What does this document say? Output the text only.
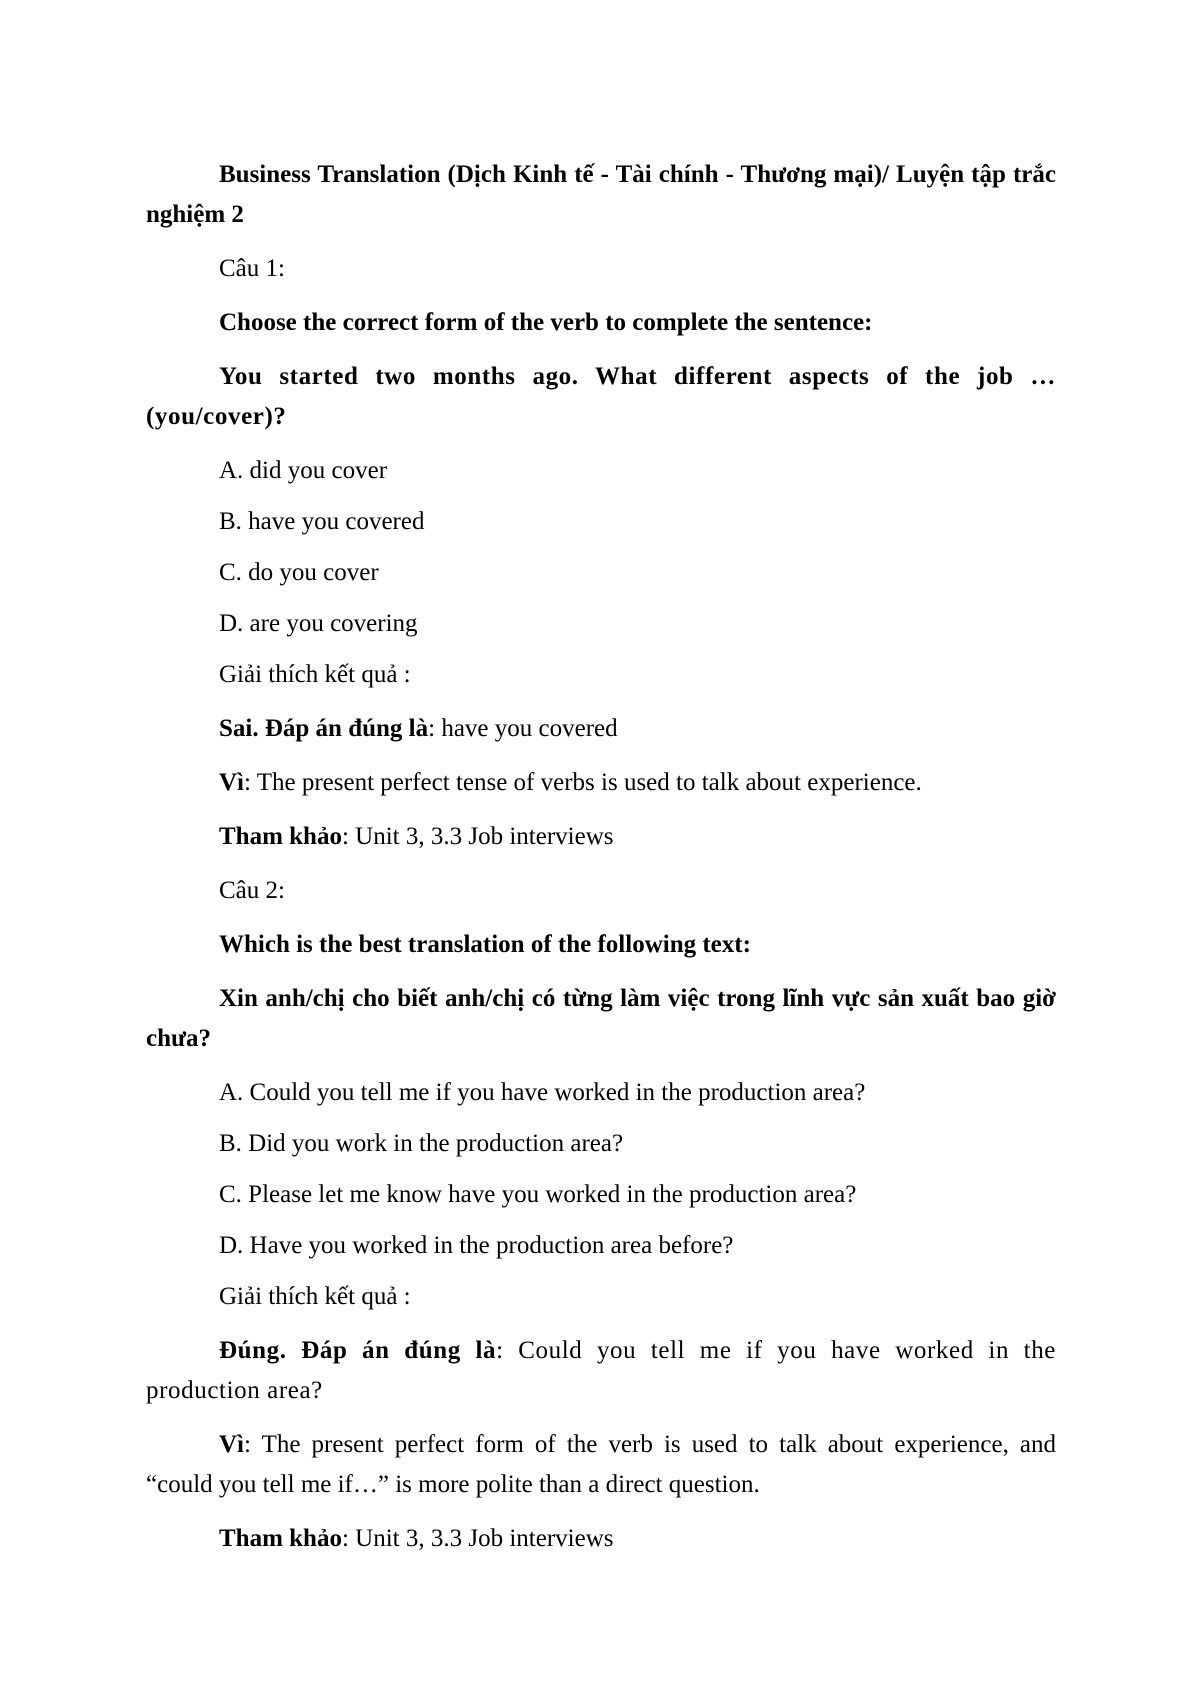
Business Translation (Dịch Kinh tế - Tài chính - Thương mại)/ Luyện tập trắc nghiệm 2

Câu 1:

Choose the correct form of the verb to complete the sentence:

You started two months ago. What different aspects of the job … (you/cover)?

A. did you cover

B. have you covered

C. do you cover

D. are you covering

Giải thích kết quả :

Sai. Đáp án đúng là: have you covered

Vì: The present perfect tense of verbs is used to talk about experience.

Tham khảo: Unit 3, 3.3 Job interviews

Câu 2:

Which is the best translation of the following text:

Xin anh/chị cho biết anh/chị có từng làm việc trong lĩnh vực sản xuất bao giờ chưa?

A. Could you tell me if you have worked in the production area?

B. Did you work in the production area?

C. Please let me know have you worked in the production area?

D. Have you worked in the production area before?

Giải thích kết quả :

Đúng. Đáp án đúng là: Could you tell me if you have worked in the production area?

Vì: The present perfect form of the verb is used to talk about experience, and “could you tell me if…” is more polite than a direct question.

Tham khảo: Unit 3, 3.3 Job interviews
